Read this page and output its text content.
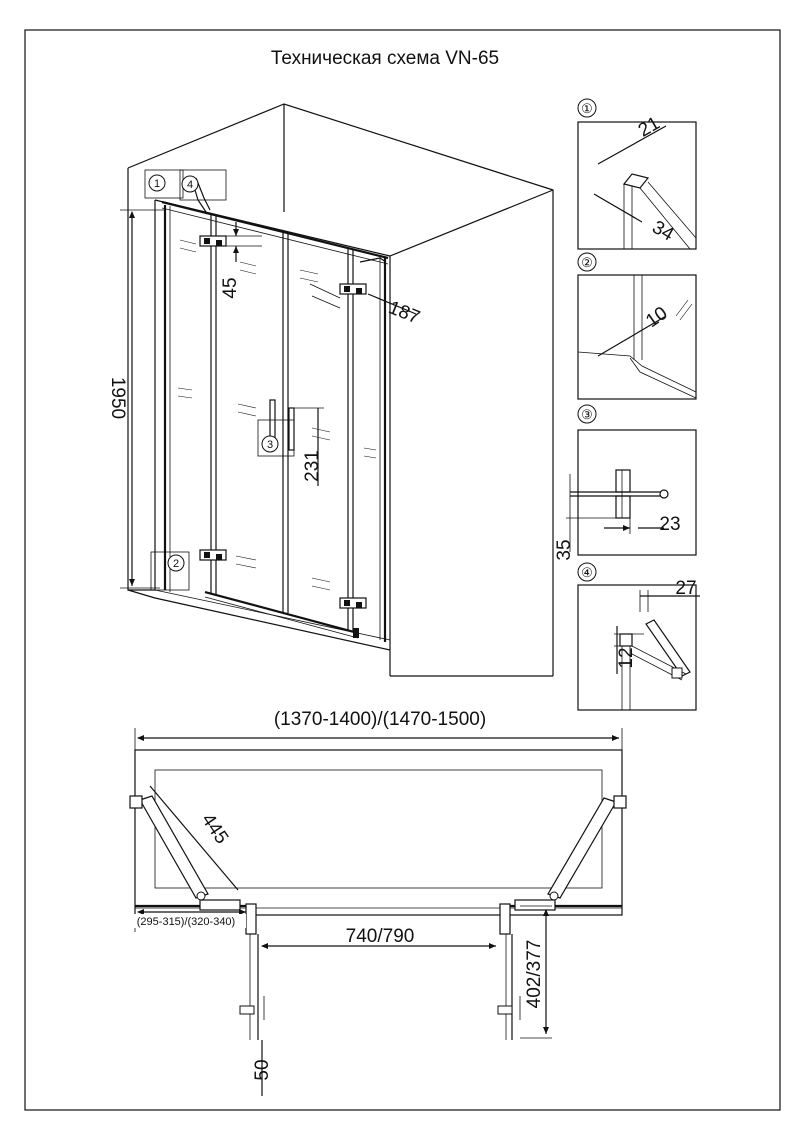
Техническая схема VN-65
1 4
2
3
1950
45
187
231
①
21
34
②
10
③
35
23
④
27
12
(1370-1400)/(1470-1500)
445
(295-315)/(320-340)
740/790
402/377
50
